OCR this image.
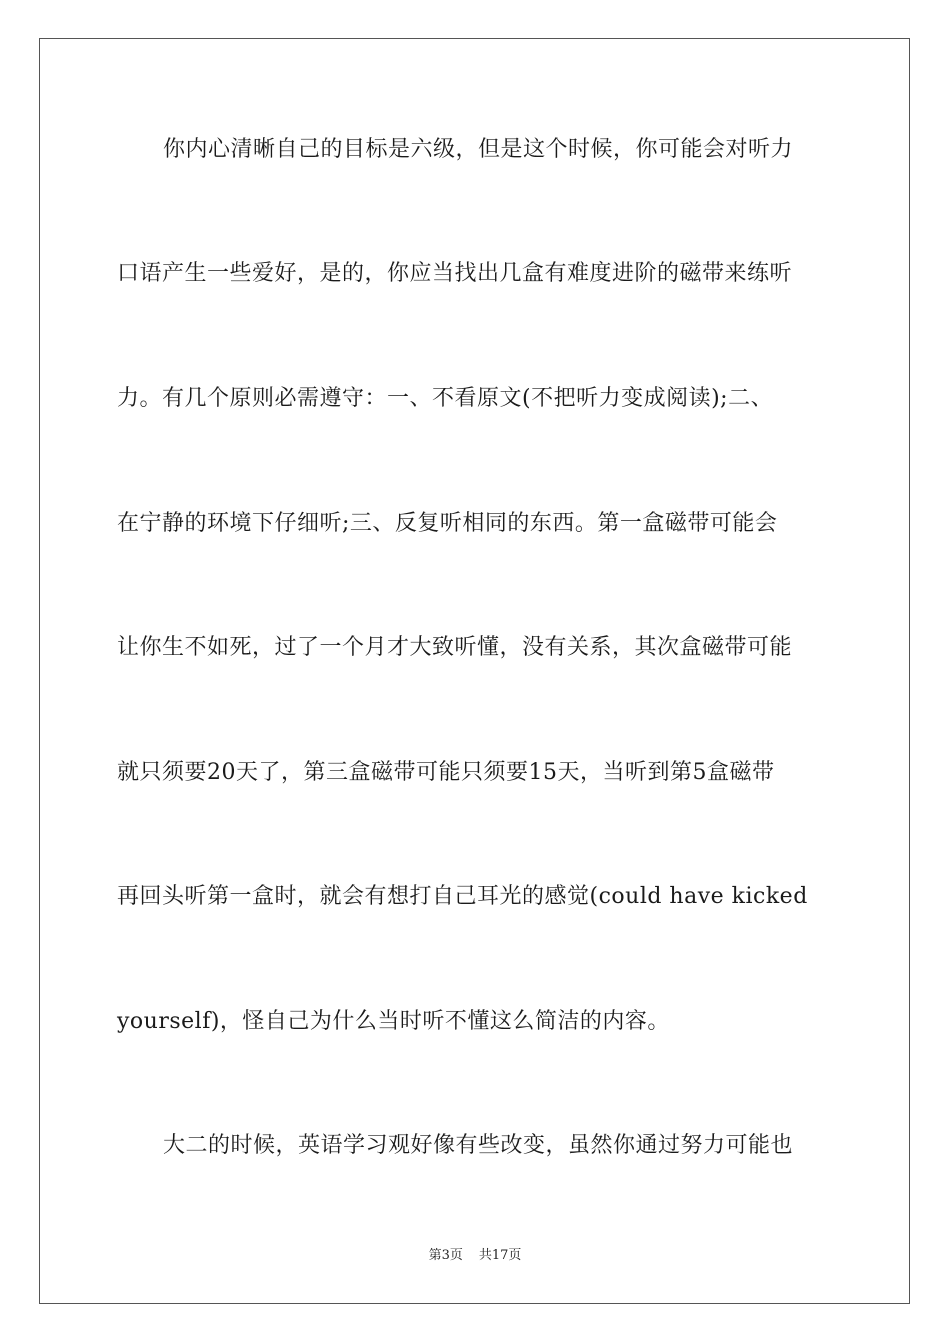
你内心清晰自己的目标是六级，但是这个时候，你可能会对听力
口语产生一些爱好，是的，你应当找出几盒有难度进阶的磁带来练听
力。有几个原则必需遵守：一、不看原文(不把听力变成阅读);二、
在宁静的环境下仔细听;三、反复听相同的东西。第一盒磁带可能会
让你生不如死，过了一个月才大致听懂，没有关系，其次盒磁带可能
就只须要20天了，第三盒磁带可能只须要15天，当听到第5盒磁带
再回头听第一盒时，就会有想打自己耳光的感觉(could have kicked
yourself)，怪自己为什么当时听不懂这么简洁的内容。
大二的时候，英语学习观好像有些改变，虽然你通过努力可能也
第3页 共17页
